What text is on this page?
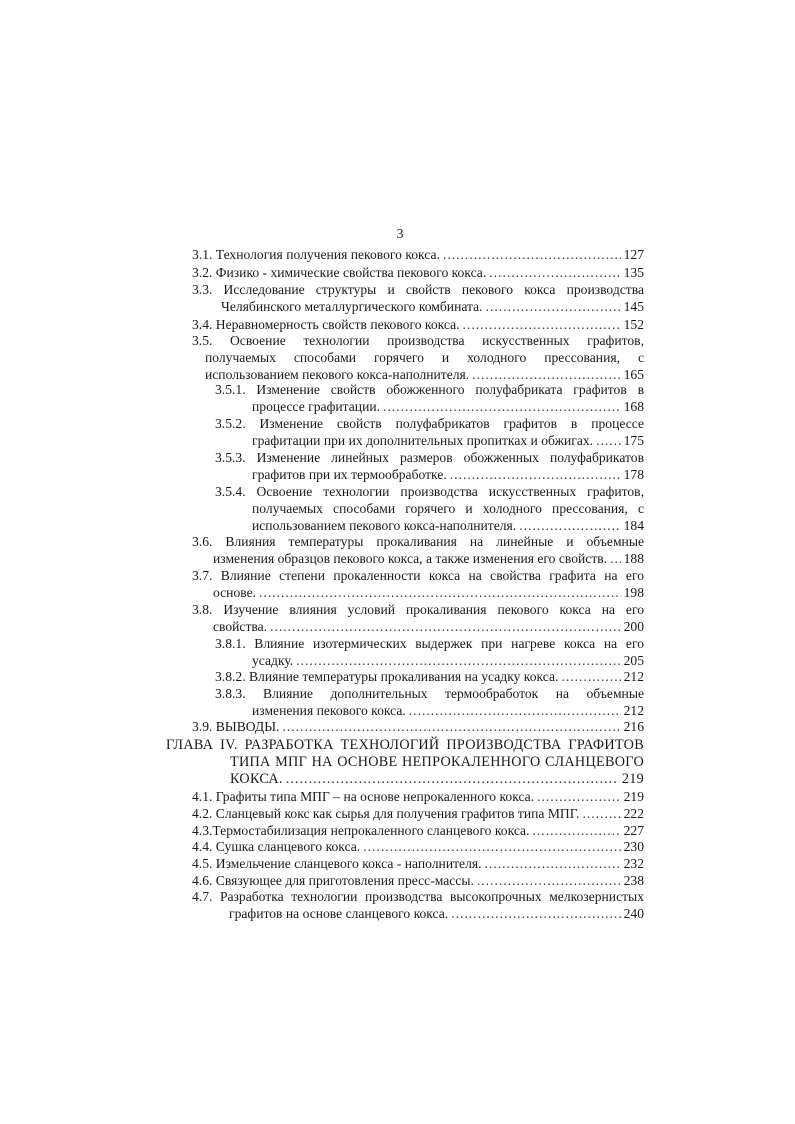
3
3.1. Технология получения пекового кокса. .....	127
3.2. Физико - химические свойства пекового кокса. .....	135
3.3. Исследование структуры и свойств пекового кокса производства
Челябинского металлургического комбината. .....	145
3.4. Неравномерность свойств пекового кокса. .....	152
3.5. Освоение технологии производства искусственных графитов,
получаемых способами горячего и холодного прессования, с
использованием пекового кокса-наполнителя. .....	165
3.5.1. Изменение свойств обожженного полуфабриката графитов в
процессе графитации. .....	168
3.5.2. Изменение свойств полуфабрикатов графитов в процессе
графитации при их дополнительных пропитках и обжигах. ..... 175
3.5.3. Изменение линейных размеров обожженных полуфабрикатов
графитов при их термообработке. .....	178
3.5.4. Освоение технологии производства искусственных графитов,
получаемых способами горячего и холодного прессования, с
использованием пекового кокса-наполнителя. .....	184
3.6. Влияния температуры прокаливания на линейные и объемные
изменения образцов пекового кокса, а также изменения его свойств. ..... 188
3.7. Влияние степени прокаленности кокса на свойства графита на его
основе. .....	198
3.8. Изучение влияния условий прокаливания пекового кокса на его
свойства. .....	200
3.8.1. Влияние изотермических выдержек при нагреве кокса на его
усадку. .....	205
3.8.2. Влияние температуры прокаливания на усадку кокса. .....	212
3.8.3. Влияние дополнительных термообработок на объемные
изменения пекового кокса. .....	212
3.9. ВЫВОДЫ. .....	216
ГЛАВА IV. РАЗРАБОТКА ТЕХНОЛОГИЙ ПРОИЗВОДСТВА ГРАФИТОВ
ТИПА МПГ НА ОСНОВЕ НЕПРОКАЛЕННОГО СЛАНЦЕВОГО
КОКСА. .....	219
4.1. Графиты типа МПГ – на основе непрокаленного кокса. .....	219
4.2. Сланцевый кокс как сырья для получения графитов типа МПГ. .....	222
4.3.Термостабилизация непрокаленного сланцевого кокса. .....	227
4.4. Сушка сланцевого кокса. .....	230
4.5. Измельчение сланцевого кокса - наполнителя. .....	232
4.6. Связующее для приготовления пресс-массы. .....	238
4.7. Разработка технологии производства высокопрочных мелкозернистых
графитов на основе сланцевого кокса. .....	240
